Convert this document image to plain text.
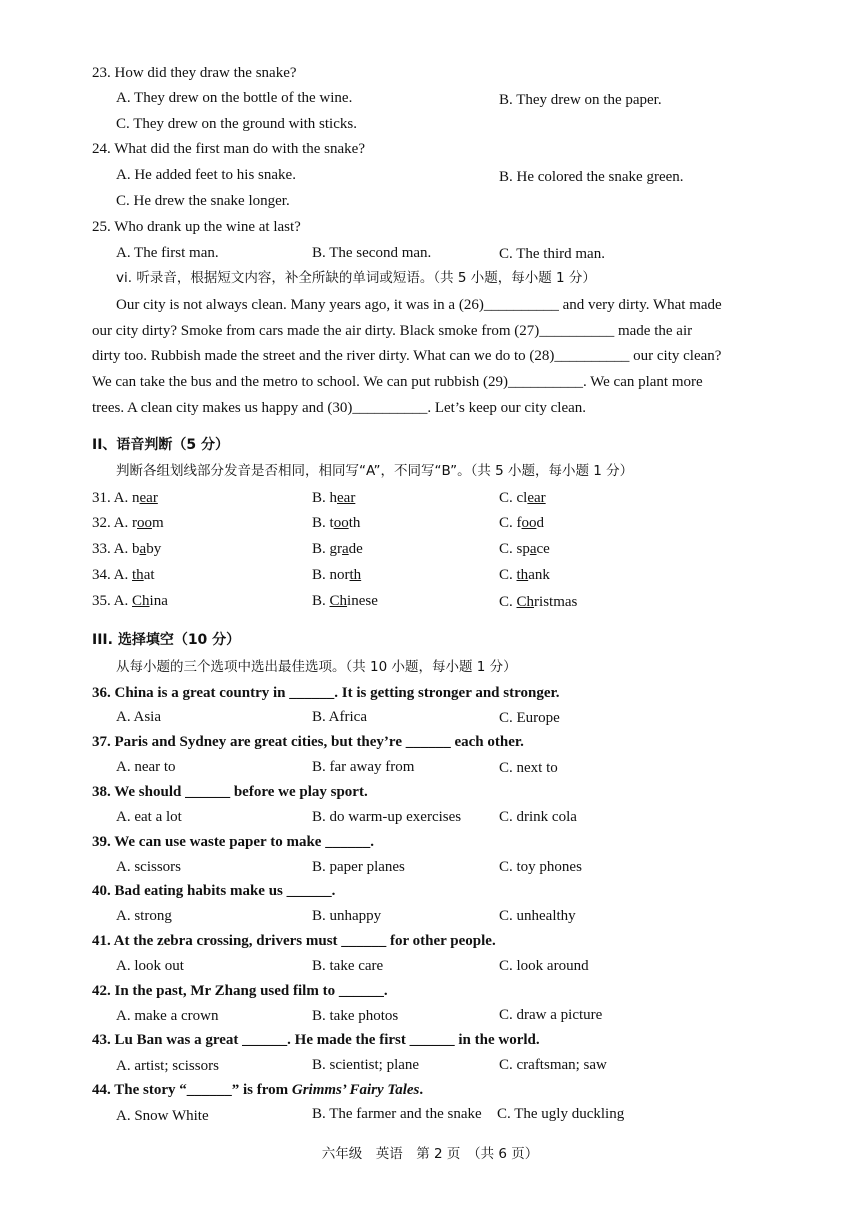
23. How did they draw the snake?
A. They drew on the bottle of the wine.	B. They drew on the paper.
C. They drew on the ground with sticks.
24. What did the first man do with the snake?
A. He added feet to his snake.	B. He colored the snake green.
C. He drew the snake longer.
25. Who drank up the wine at last?
A. The first man.	B. The second man.	C. The third man.
vi. 听录音，根据短文内容，补全所缺的单词或短语。（共 5 小题，每小题 1 分）
Our city is not always clean. Many years ago, it was in a (26)__________ and very dirty. What made
our city dirty? Smoke from cars made the air dirty. Black smoke from (27)__________ made the air
dirty too. Rubbish made the street and the river dirty. What can we do to (28)__________ our city clean?
We can take the bus and the metro to school. We can put rubbish (29)__________. We can plant more
trees. A clean city makes us happy and (30)__________. Let’s keep our city clean.
II、语音判断（5 分）
判断各组划线部分发音是否相同，相同写“A”，不同写“B”。（共 5 小题，每小题 1 分）
31. A. near	B. hear	C. clear
32. A. room	B. tooth	C. food
33. A. baby	B. grade	C. space
34. A. that	B. north	C. thank
35. A. China	B. Chinese	C. Christmas
III. 选择填空（10 分）
从每小题的三个选项中选出最佳选项。（共 10 小题，每小题 1 分）
36. China is a great country in ______. It is getting stronger and stronger.
A. Asia	B. Africa	C. Europe
37. Paris and Sydney are great cities, but they’re ______ each other.
A. near to	B. far away from	C. next to
38. We should ______ before we play sport.
A. eat a lot	B. do warm-up exercises	C. drink cola
39. We can use waste paper to make ______.
A. scissors	B. paper planes	C. toy phones
40. Bad eating habits make us ______.
A. strong	B. unhappy	C. unhealthy
41. At the zebra crossing, drivers must ______ for other people.
A. look out	B. take care	C. look around
42. In the past, Mr Zhang used film to ______.
A. make a crown	B. take photos	C. draw a picture
43. Lu Ban was a great ______. He made the first ______ in the world.
A. artist; scissors	B. scientist; plane	C. craftsman; saw
44. The story “______” is from Grimms’ Fairy Tales.
A. Snow White	B. The farmer and the snake C. The ugly duckling
六年级　英语　第 2 页　（共 6 页）
